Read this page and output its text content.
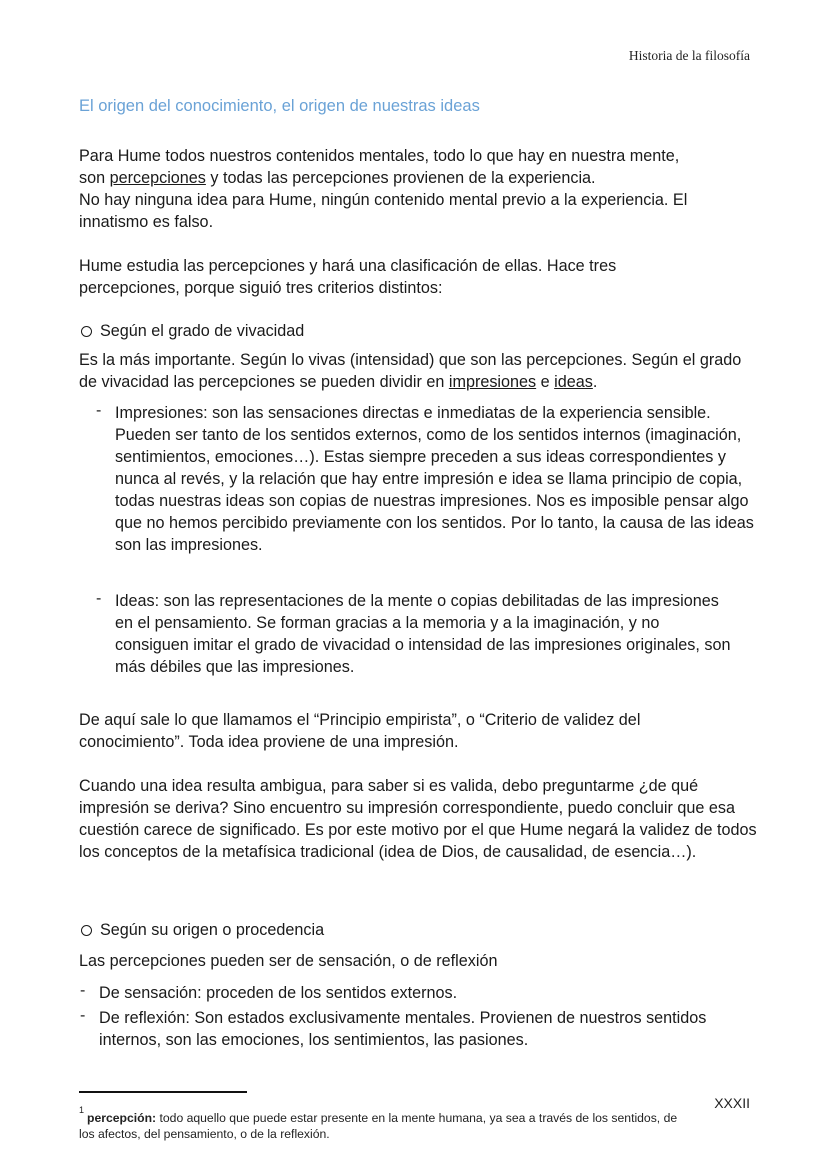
Historia de la filosofía
El origen del conocimiento, el origen de nuestras ideas

Para Hume todos nuestros contenidos mentales, todo lo que hay en nuestra mente,
son percepciones y todas las percepciones provienen de la experiencia.
No hay ninguna idea para Hume, ningún contenido mental previo a la experiencia. El innatismo es falso.

Hume estudia las percepciones y hará una clasificación de ellas. Hace tres percepciones, porque siguió tres criterios distintos:

Según el grado de vivacidad

Es la más importante. Según lo vivas (intensidad) que son las percepciones. Según el grado de vivacidad las percepciones se pueden dividir en impresiones e ideas.

- Impresiones: son las sensaciones directas e inmediatas de la experiencia sensible. Pueden ser tanto de los sentidos externos, como de los sentidos internos (imaginación, sentimientos, emociones…). Estas siempre preceden a sus ideas correspondientes y nunca al revés, y la relación que hay entre impresión e idea se llama principio de copia, todas nuestras ideas son copias de nuestras impresiones. Nos es imposible pensar algo que no hemos percibido previamente con los sentidos. Por lo tanto, la causa de las ideas son las impresiones.

- Ideas: son las representaciones de la mente o copias debilitadas de las impresiones en el pensamiento. Se forman gracias a la memoria y a la imaginación, y no consiguen imitar el grado de vivacidad o intensidad de las impresiones originales, son más débiles que las impresiones.

De aquí sale lo que llamamos el “Principio empirista”, o “Criterio de validez del conocimiento”. Toda idea proviene de una impresión.

Cuando una idea resulta ambigua, para saber si es valida, debo preguntarme ¿de qué impresión se deriva? Sino encuentro su impresión correspondiente, puedo concluir que esa cuestión carece de significado. Es por este motivo por el que Hume negará la validez de todos los conceptos de la metafísica tradicional (idea de Dios, de causalidad, de esencia…).

Según su origen o procedencia

Las percepciones pueden ser de sensación, o de reflexión

- De sensación: proceden de los sentidos externos.

- De reflexión: Son estados exclusivamente mentales. Provienen de nuestros sentidos internos, son las emociones, los sentimientos, las pasiones.

XXXII
$^1$percepción: todo aquello que puede estar presente en la mente humana, ya sea a través de los sentidos, de los afectos, del pensamiento, o de la reflexión.
